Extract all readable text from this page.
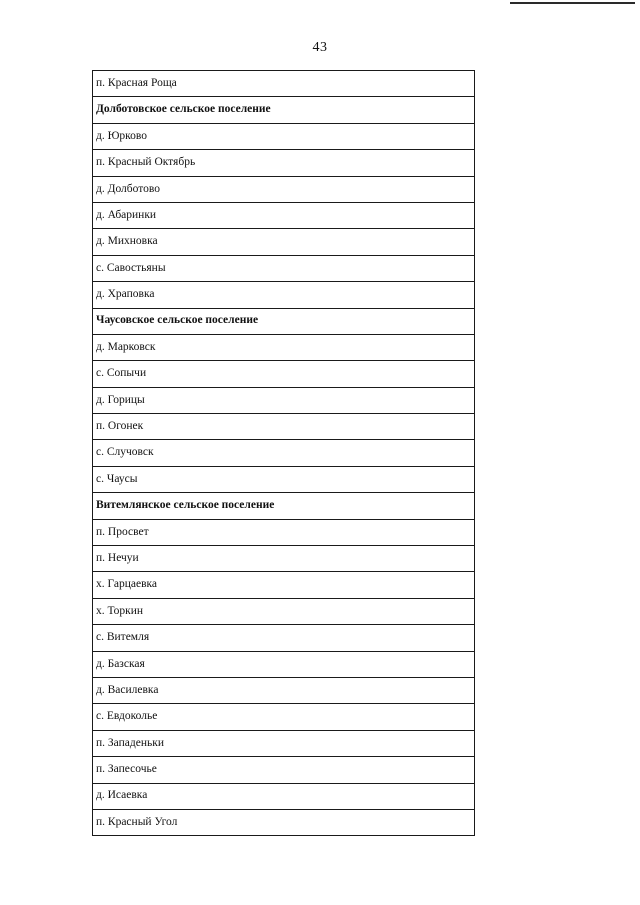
43
п. Красная Роща
Долботовское сельское поселение
д. Юрково
п. Красный Октябрь
д. Долботово
д. Абаринки
д. Михновка
с. Савостьяны
д. Храповка
Чаусовское сельское поселение
д. Марковск
с. Сопычи
д. Горицы
п. Огонек
с. Случовск
с. Чаусы
Витемлянское сельское поселение
п. Просвет
п. Нечуи
х. Гарцаевка
х. Торкин
с. Витемля
д. Базская
д. Василевка
с. Евдоколье
п. Западеньки
п. Запесочье
д. Исаевка
п. Красный Угол
